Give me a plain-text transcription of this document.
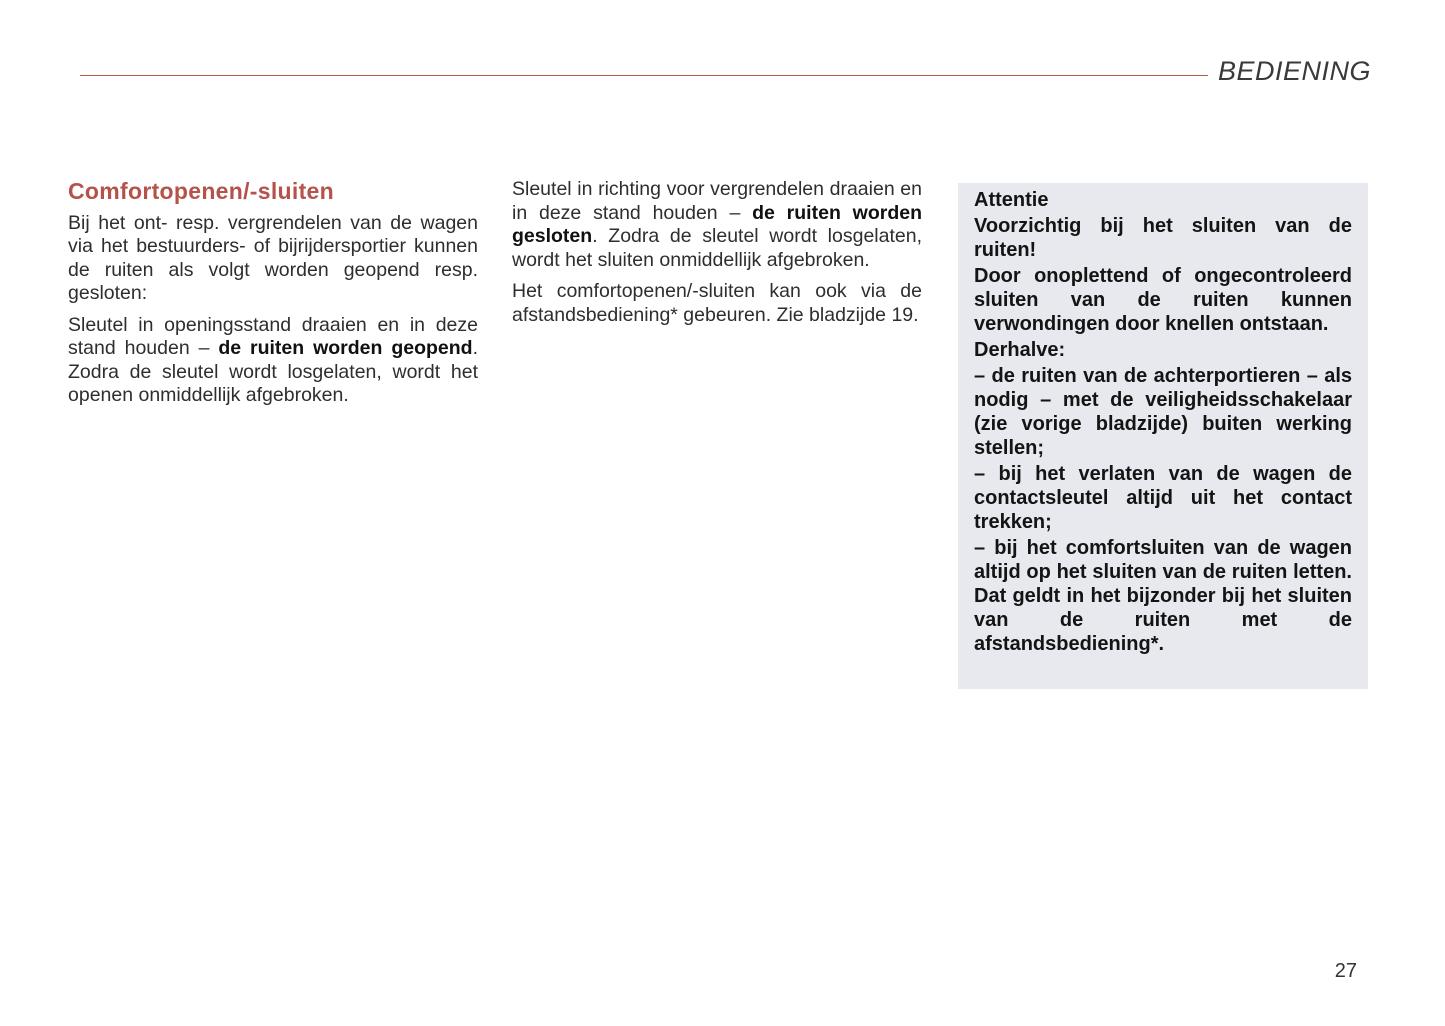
BEDIENING
Comfortopenen/-sluiten

Bij het ont- resp. vergrendelen van de wagen via het bestuurders- of bijrijdersportier kunnen de ruiten als volgt worden geopend resp. gesloten:

Sleutel in openingsstand draaien en in deze stand houden – de ruiten worden geopend. Zodra de sleutel wordt losgelaten, wordt het openen onmiddellijk afgebroken.

Sleutel in richting voor vergrendelen draaien en in deze stand houden – de ruiten worden gesloten. Zodra de sleutel wordt losgelaten, wordt het sluiten onmiddellijk afgebroken.

Het comfortopenen/-sluiten kan ook via de afstandsbediening* gebeuren. Zie bladzijde 19.

Attentie
Voorzichtig bij het sluiten van de ruiten!
Door onoplettend of ongecontroleerd sluiten van de ruiten kunnen verwondingen door knellen ontstaan.
Derhalve:
– de ruiten van de achterportieren – als nodig – met de veiligheidsschakelaar (zie vorige bladzijde) buiten werking stellen;
– bij het verlaten van de wagen de contactsleutel altijd uit het contact trekken;
– bij het comfortsluiten van de wagen altijd op het sluiten van de ruiten letten. Dat geldt in het bijzonder bij het sluiten van de ruiten met de afstandsbediening*.
27
